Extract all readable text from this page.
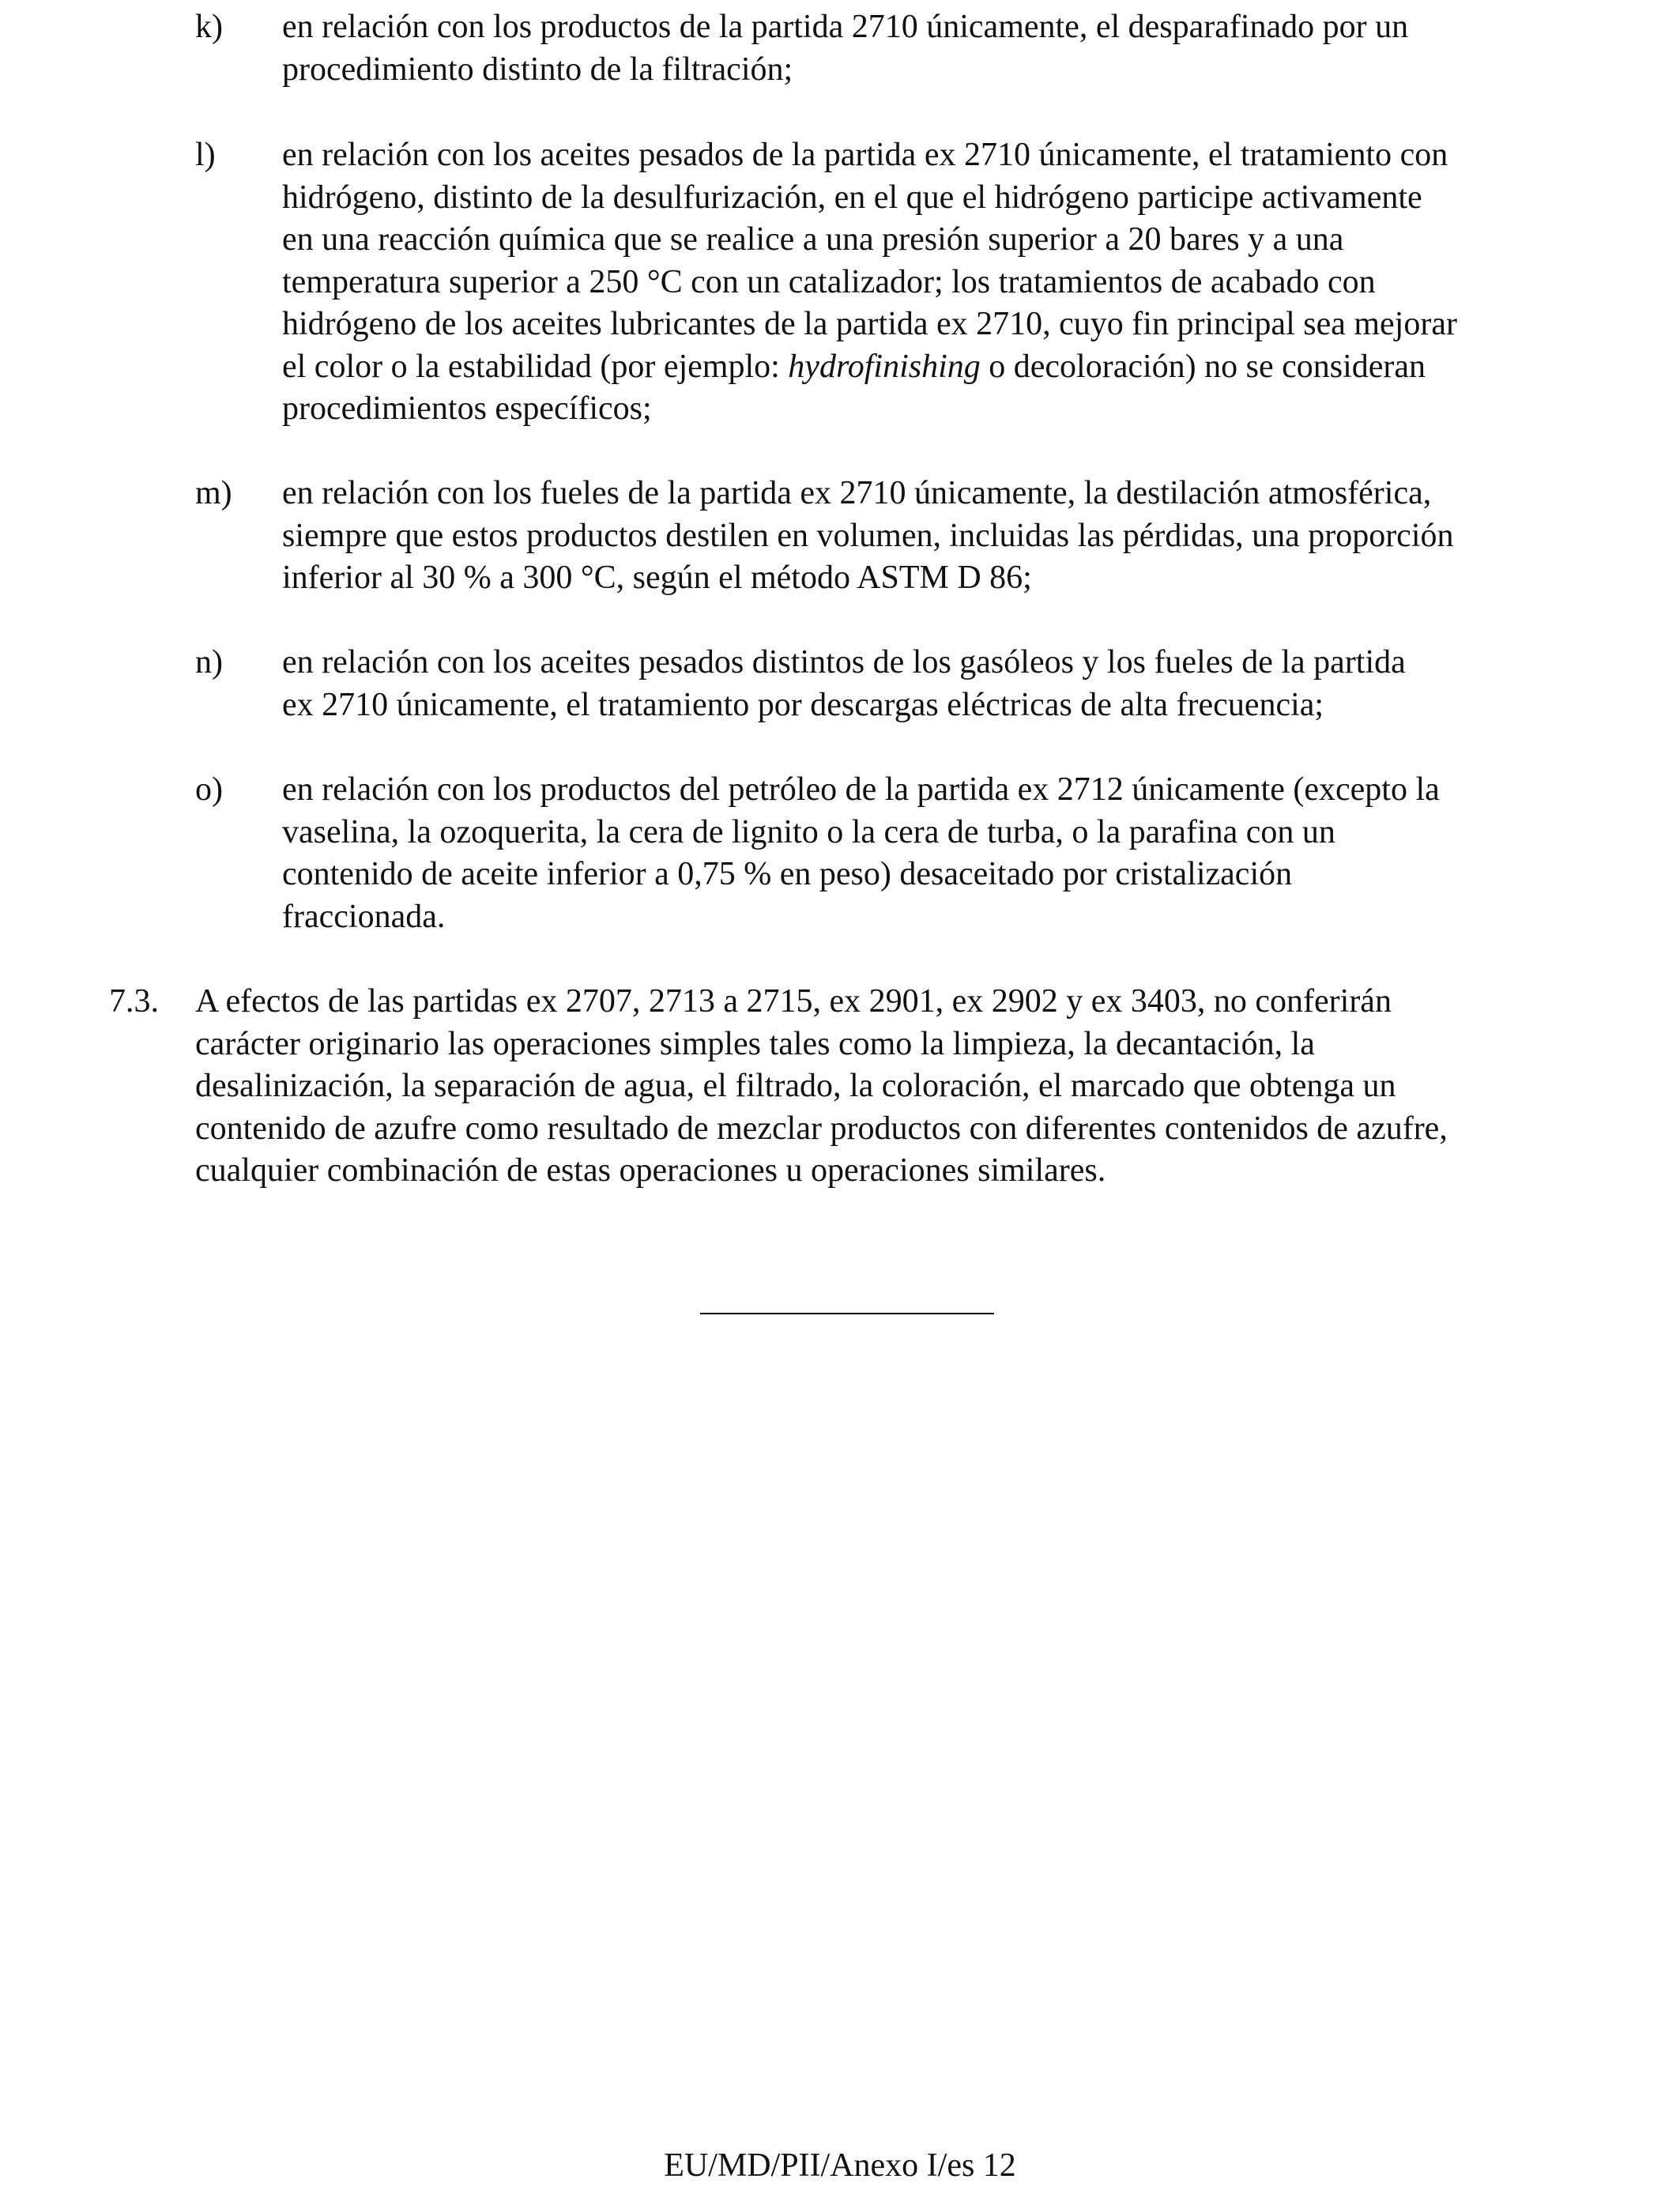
k) en relación con los productos de la partida 2710 únicamente, el desparafinado por un
procedimiento distinto de la filtración;
l) en relación con los aceites pesados de la partida ex 2710 únicamente, el tratamiento con
hidrógeno, distinto de la desulfurización, en el que el hidrógeno participe activamente
en una reacción química que se realice a una presión superior a 20 bares y a una
temperatura superior a 250 °C con un catalizador; los tratamientos de acabado con
hidrógeno de los aceites lubricantes de la partida ex 2710, cuyo fin principal sea mejorar
el color o la estabilidad (por ejemplo: hydrofinishing o decoloración) no se consideran
procedimientos específicos;
m) en relación con los fueles de la partida ex 2710 únicamente, la destilación atmosférica,
siempre que estos productos destilen en volumen, incluidas las pérdidas, una proporción
inferior al 30 % a 300 °C, según el método ASTM D 86;
n) en relación con los aceites pesados distintos de los gasóleos y los fueles de la partida
ex 2710 únicamente, el tratamiento por descargas eléctricas de alta frecuencia;
o) en relación con los productos del petróleo de la partida ex 2712 únicamente (excepto la
vaselina, la ozoquerita, la cera de lignito o la cera de turba, o la parafina con un
contenido de aceite inferior a 0,75 % en peso) desaceitado por cristalización
fraccionada.
7.3. A efectos de las partidas ex 2707, 2713 a 2715, ex 2901, ex 2902 y ex 3403, no conferirán
carácter originario las operaciones simples tales como la limpieza, la decantación, la
desalinización, la separación de agua, el filtrado, la coloración, el marcado que obtenga un
contenido de azufre como resultado de mezclar productos con diferentes contenidos de azufre,
cualquier combinación de estas operaciones u operaciones similares.
EU/MD/PII/Anexo I/es 12
